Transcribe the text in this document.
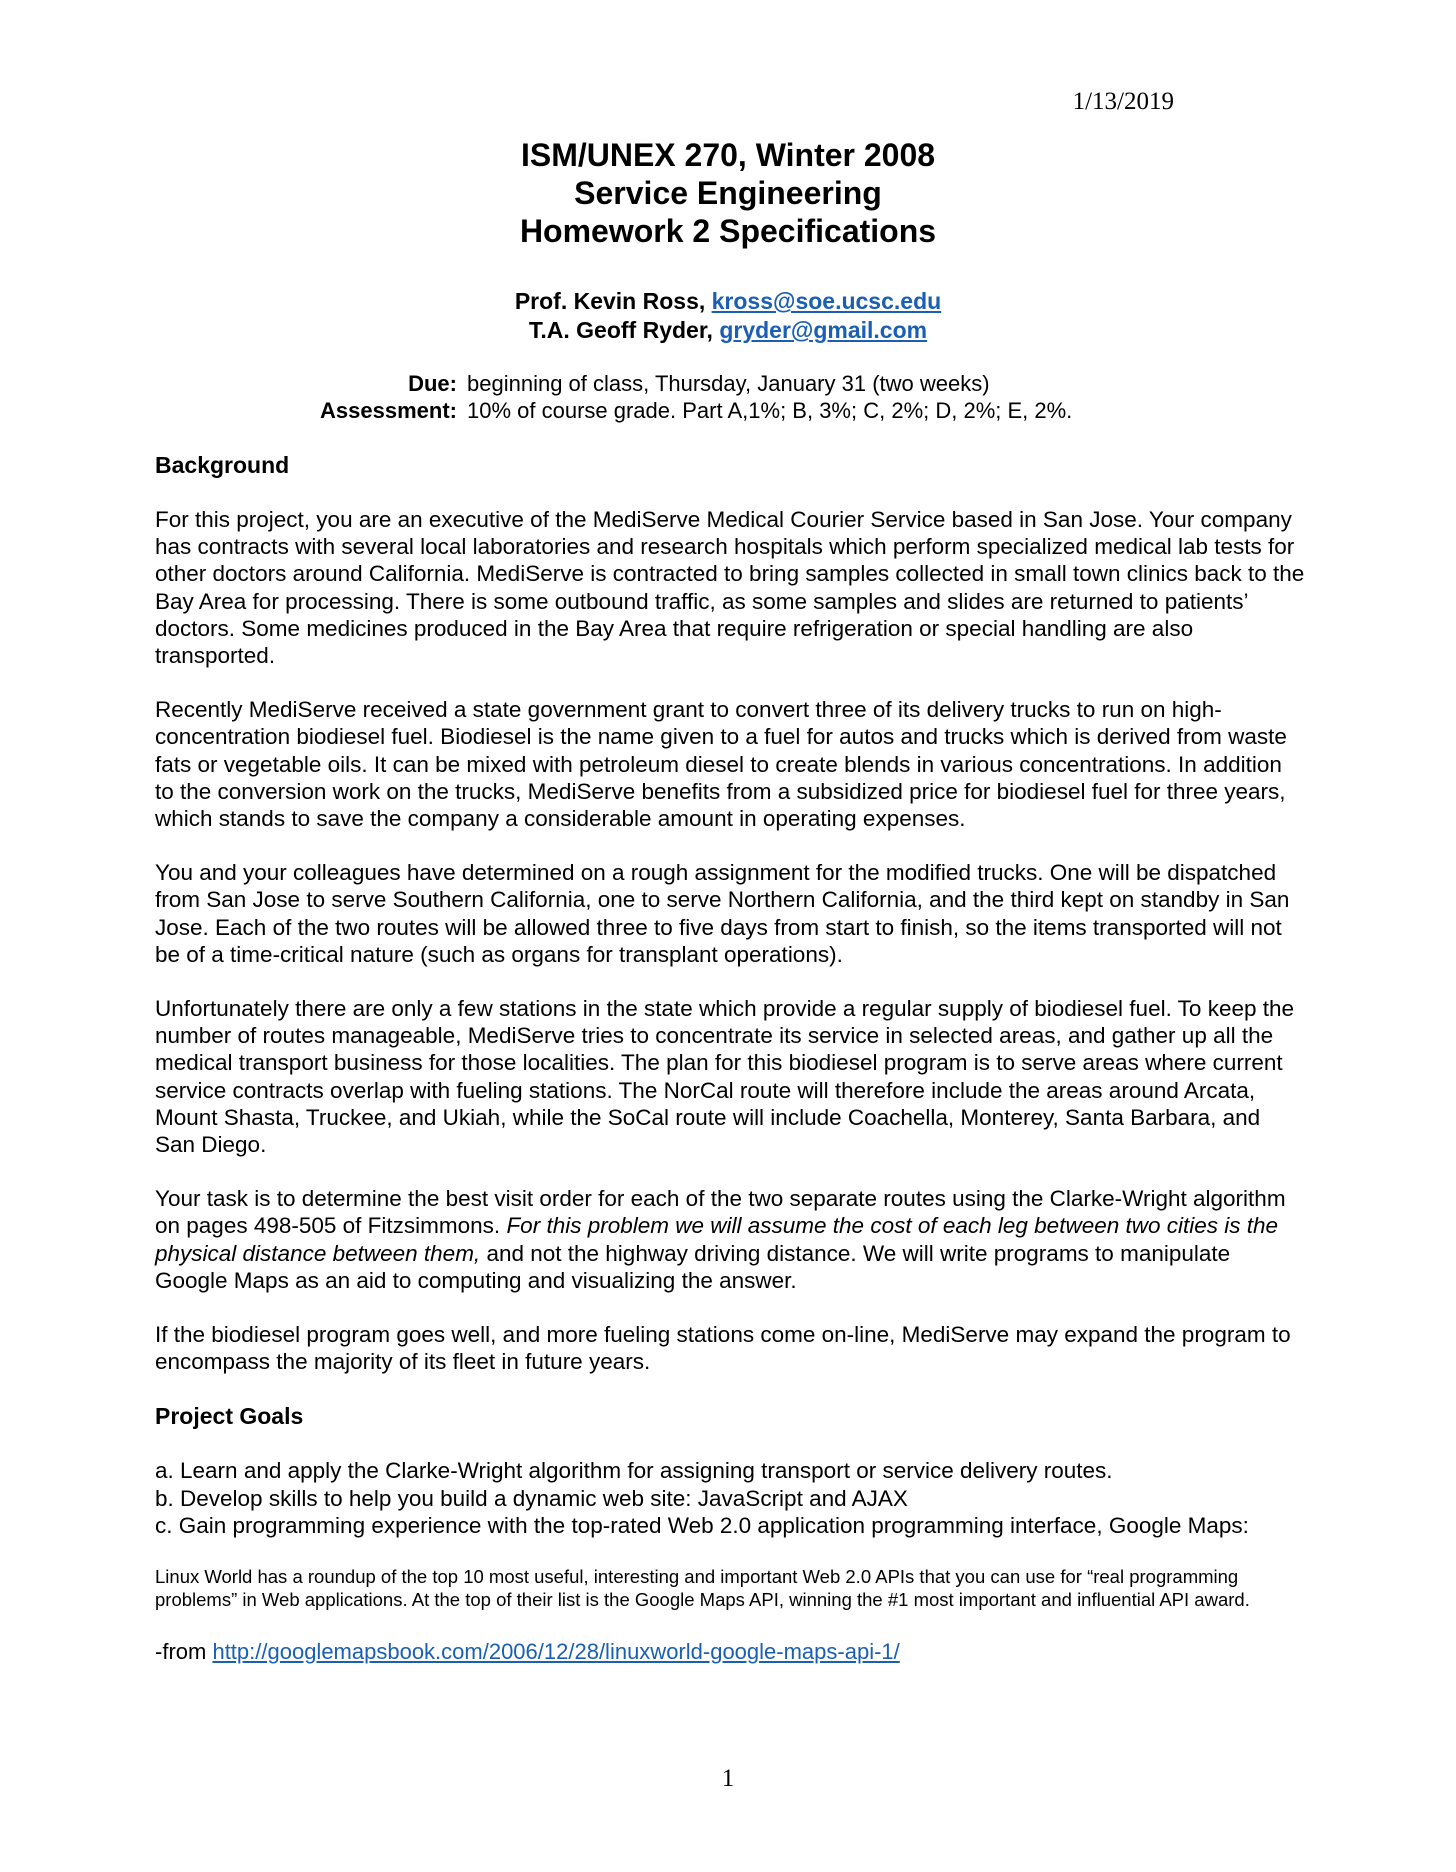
1/13/2019
ISM/UNEX 270, Winter 2008
Service Engineering
Homework 2 Specifications
Prof. Kevin Ross, kross@soe.ucsc.edu
T.A. Geoff Ryder, gryder@gmail.com
Due: beginning of class, Thursday, January 31 (two weeks)
Assessment: 10% of course grade. Part A,1%; B, 3%; C, 2%; D, 2%; E, 2%.
Background

For this project, you are an executive of the MediServe Medical Courier Service based in San Jose. Your company has contracts with several local laboratories and research hospitals which perform specialized medical lab tests for other doctors around California. MediServe is contracted to bring samples collected in small town clinics back to the Bay Area for processing. There is some outbound traffic, as some samples and slides are returned to patients’ doctors. Some medicines produced in the Bay Area that require refrigeration or special handling are also transported.

Recently MediServe received a state government grant to convert three of its delivery trucks to run on high-concentration biodiesel fuel. Biodiesel is the name given to a fuel for autos and trucks which is derived from waste fats or vegetable oils. It can be mixed with petroleum diesel to create blends in various concentrations. In addition to the conversion work on the trucks, MediServe benefits from a subsidized price for biodiesel fuel for three years, which stands to save the company a considerable amount in operating expenses.

You and your colleagues have determined on a rough assignment for the modified trucks. One will be dispatched from San Jose to serve Southern California, one to serve Northern California, and the third kept on standby in San Jose. Each of the two routes will be allowed three to five days from start to finish, so the items transported will not be of a time-critical nature (such as organs for transplant operations).

Unfortunately there are only a few stations in the state which provide a regular supply of biodiesel fuel. To keep the number of routes manageable, MediServe tries to concentrate its service in selected areas, and gather up all the medical transport business for those localities. The plan for this biodiesel program is to serve areas where current service contracts overlap with fueling stations. The NorCal route will therefore include the areas around Arcata, Mount Shasta, Truckee, and Ukiah, while the SoCal route will include Coachella, Monterey, Santa Barbara, and San Diego.

Your task is to determine the best visit order for each of the two separate routes using the Clarke-Wright algorithm on pages 498-505 of Fitzsimmons. For this problem we will assume the cost of each leg between two cities is the physical distance between them, and not the highway driving distance. We will write programs to manipulate Google Maps as an aid to computing and visualizing the answer.

If the biodiesel program goes well, and more fueling stations come on-line, MediServe may expand the program to encompass the majority of its fleet in future years.

Project Goals
a. Learn and apply the Clarke-Wright algorithm for assigning transport or service delivery routes.
b. Develop skills to help you build a dynamic web site: JavaScript and AJAX
c. Gain programming experience with the top-rated Web 2.0 application programming interface, Google Maps:

Linux World has a roundup of the top 10 most useful, interesting and important Web 2.0 APIs that you can use for “real programming problems” in Web applications. At the top of their list is the Google Maps API, winning the #1 most important and influential API award.

-from http://googlemapsbook.com/2006/12/28/linuxworld-google-maps-api-1/

1
